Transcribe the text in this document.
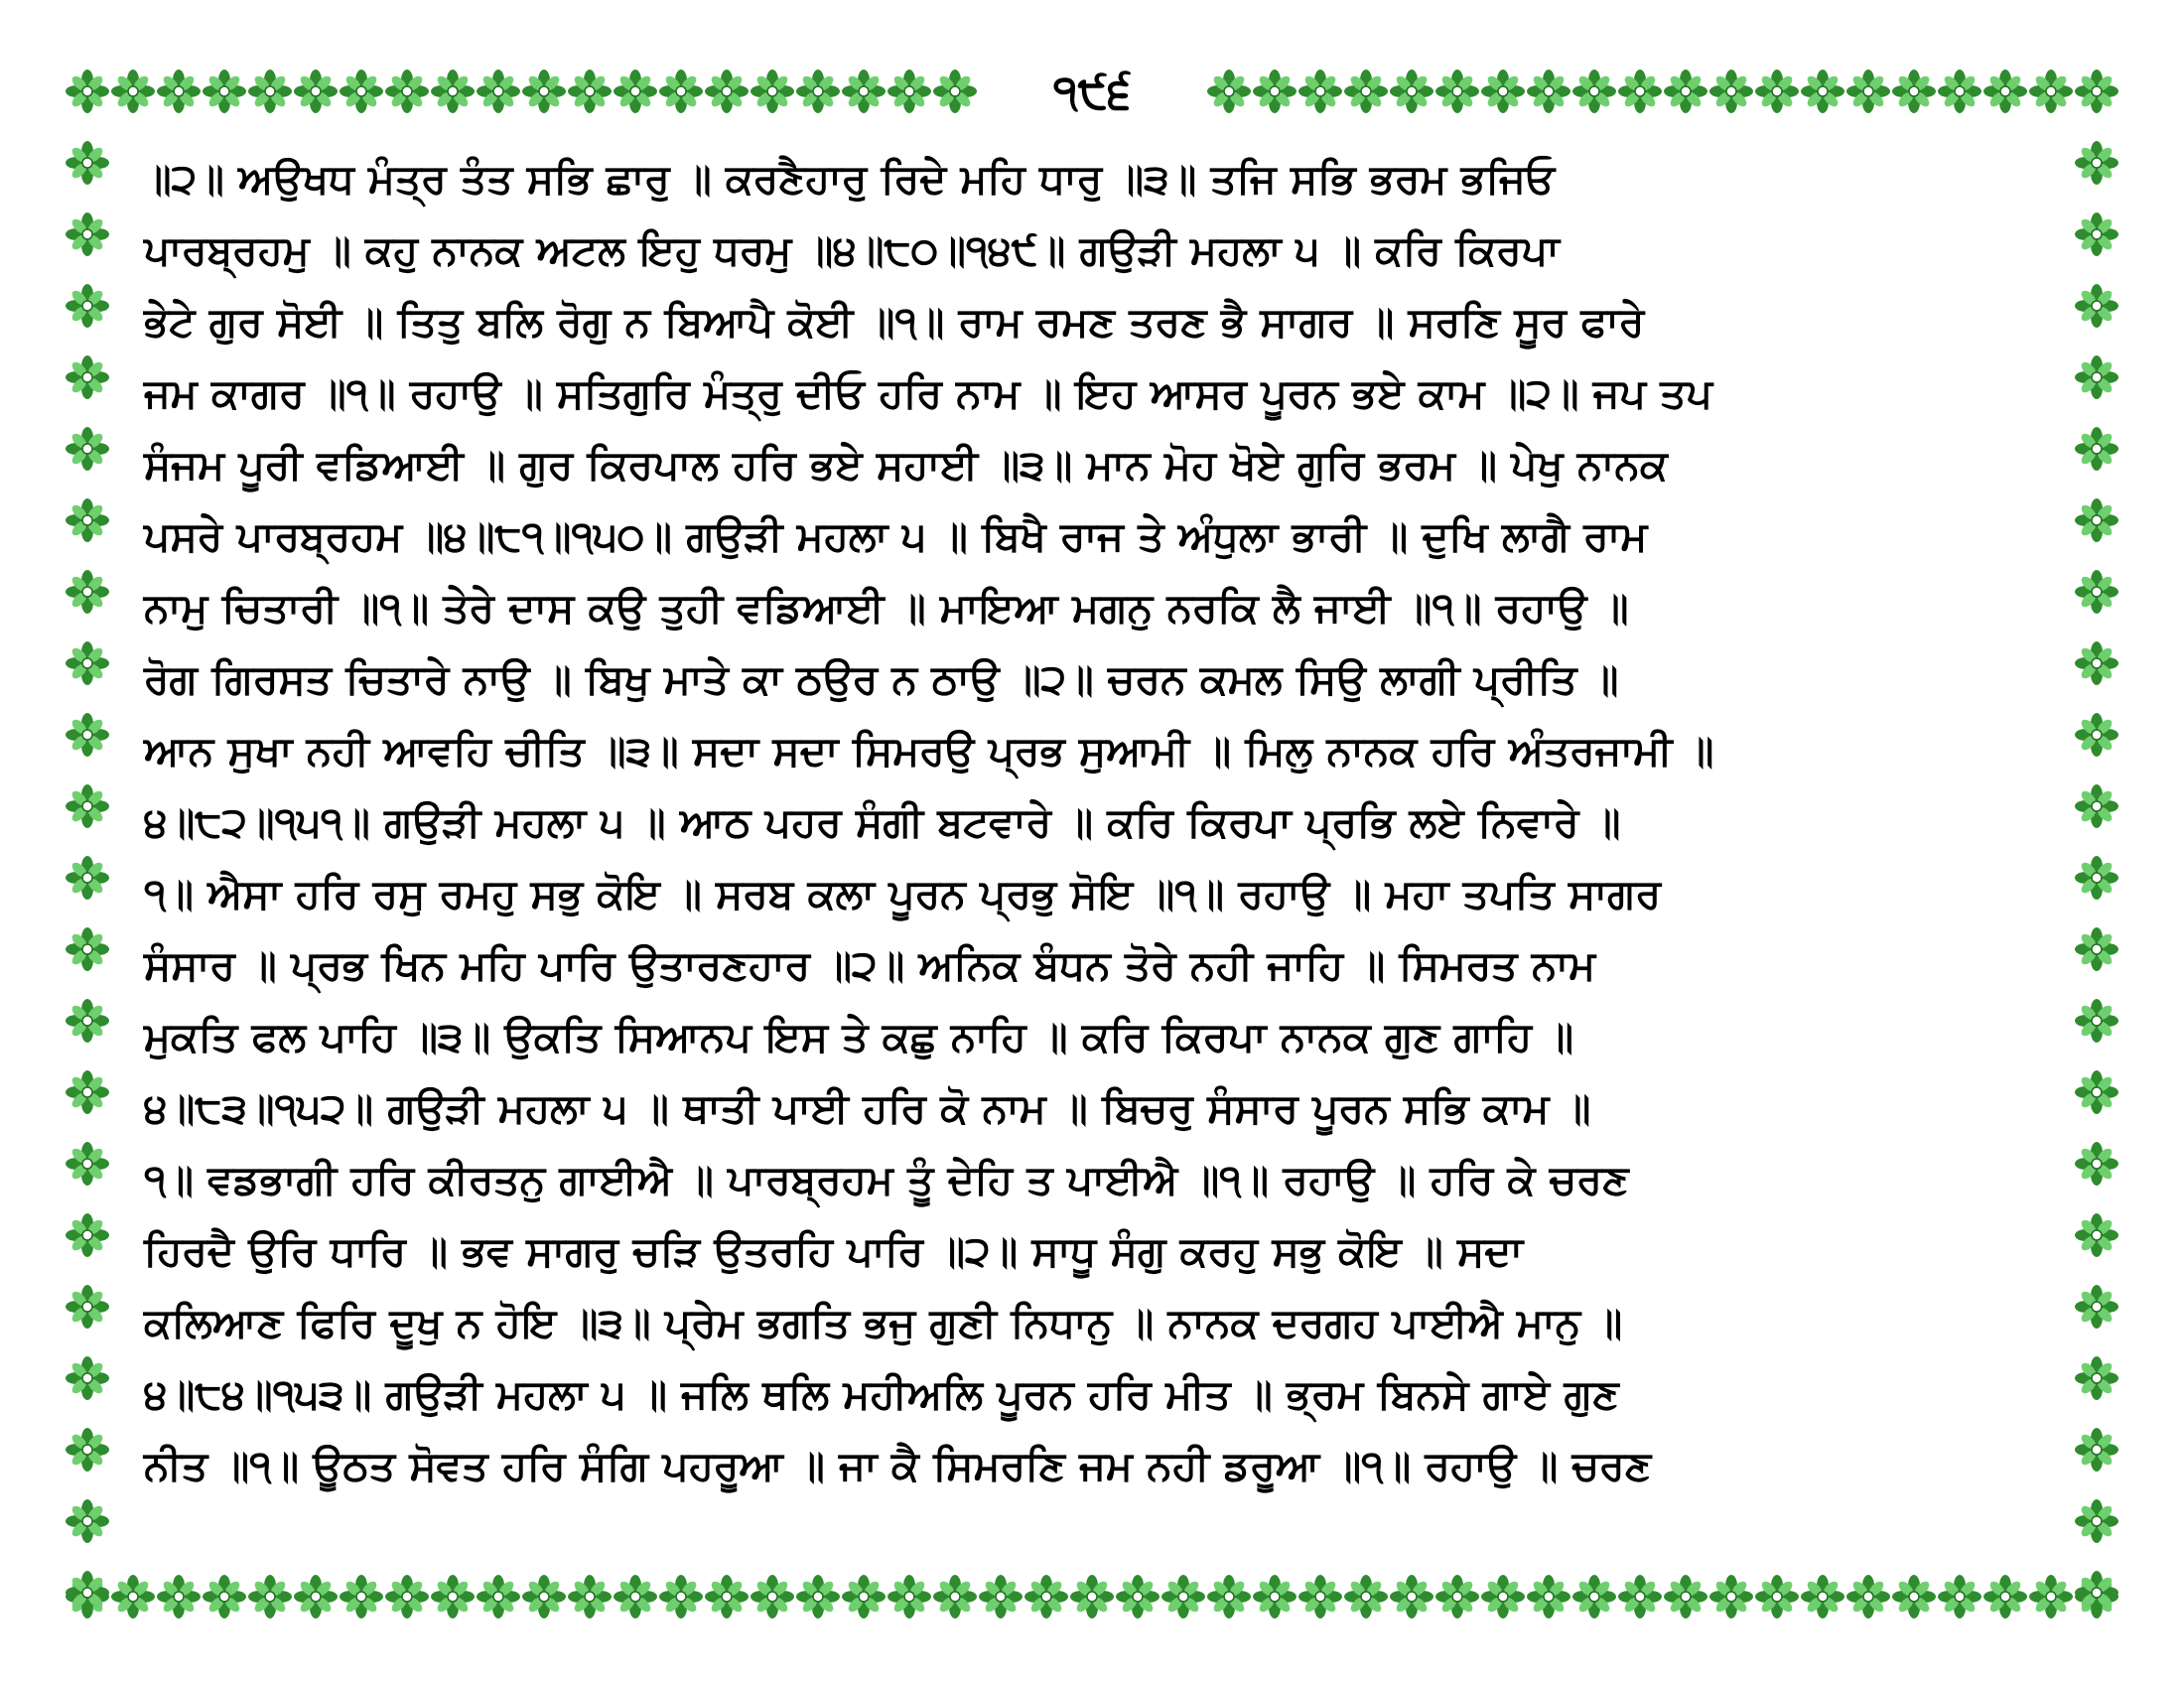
੧੯੬
॥੨॥ ਅਉਖਧ ਮੰਤ੍ਰ ਤੰਤ ਸਭਿ ਛਾਰੁ ॥ ਕਰਣੈਹਾਰੁ ਰਿਦੇ ਮਹਿ ਧਾਰੁ ॥੩॥ ਤਜਿ ਸਭਿ ਭਰਮ ਭਜਿਓ
ਪਾਰਬ੍ਰਹਮੁ ॥ ਕਹੁ ਨਾਨਕ ਅਟਲ ਇਹੁ ਧਰਮੁ ॥੪॥੮੦॥੧੪੯॥ ਗਉੜੀ ਮਹਲਾ ੫ ॥ ਕਰਿ ਕਿਰਪਾ
ਭੇਟੇ ਗੁਰ ਸੋਈ ॥ ਤਿਤੁ ਬਲਿ ਰੋਗੁ ਨ ਬਿਆਪੈ ਕੋਈ ॥੧॥ ਰਾਮ ਰਮਣ ਤਰਣ ਭੈ ਸਾਗਰ ॥ ਸਰਣਿ ਸੂਰ ਫਾਰੇ
ਜਮ ਕਾਗਰ ॥੧॥ ਰਹਾਉ ॥ ਸਤਿਗੁਰਿ ਮੰਤ੍ਰੁ ਦੀਓ ਹਰਿ ਨਾਮ ॥ ਇਹ ਆਸਰ ਪੂਰਨ ਭਏ ਕਾਮ ॥੨॥ ਜਪ ਤਪ
ਸੰਜਮ ਪੂਰੀ ਵਡਿਆਈ ॥ ਗੁਰ ਕਿਰਪਾਲ ਹਰਿ ਭਏ ਸਹਾਈ ॥੩॥ ਮਾਨ ਮੋਹ ਖੋਏ ਗੁਰਿ ਭਰਮ ॥ ਪੇਖੁ ਨਾਨਕ
ਪਸਰੇ ਪਾਰਬ੍ਰਹਮ ॥੪॥੮੧॥੧੫੦॥ ਗਉੜੀ ਮਹਲਾ ੫ ॥ ਬਿਖੈ ਰਾਜ ਤੇ ਅੰਧੁਲਾ ਭਾਰੀ ॥ ਦੁਖਿ ਲਾਗੈ ਰਾਮ
ਨਾਮੁ ਚਿਤਾਰੀ ॥੧॥ ਤੇਰੇ ਦਾਸ ਕਉ ਤੁਹੀ ਵਡਿਆਈ ॥ ਮਾਇਆ ਮਗਨੁ ਨਰਕਿ ਲੈ ਜਾਈ ॥੧॥ ਰਹਾਉ ॥
ਰੋਗ ਗਿਰਸਤ ਚਿਤਾਰੇ ਨਾਉ ॥ ਬਿਖੁ ਮਾਤੇ ਕਾ ਠਉਰ ਨ ਠਾਉ ॥੨॥ ਚਰਨ ਕਮਲ ਸਿਉ ਲਾਗੀ ਪ੍ਰੀਤਿ ॥
ਆਨ ਸੁਖਾ ਨਹੀ ਆਵਹਿ ਚੀਤਿ ॥੩॥ ਸਦਾ ਸਦਾ ਸਿਮਰਉ ਪ੍ਰਭ ਸੁਆਮੀ ॥ ਮਿਲੁ ਨਾਨਕ ਹਰਿ ਅੰਤਰਜਾਮੀ ॥
੪॥੮੨॥੧੫੧॥ ਗਉੜੀ ਮਹਲਾ ੫ ॥ ਆਠ ਪਹਰ ਸੰਗੀ ਬਟਵਾਰੇ ॥ ਕਰਿ ਕਿਰਪਾ ਪ੍ਰਭਿ ਲਏ ਨਿਵਾਰੇ ॥
੧॥ ਐਸਾ ਹਰਿ ਰਸੁ ਰਮਹੁ ਸਭੁ ਕੋਇ ॥ ਸਰਬ ਕਲਾ ਪੂਰਨ ਪ੍ਰਭੁ ਸੋਇ ॥੧॥ ਰਹਾਉ ॥ ਮਹਾ ਤਪਤਿ ਸਾਗਰ
ਸੰਸਾਰ ॥ ਪ੍ਰਭ ਖਿਨ ਮਹਿ ਪਾਰਿ ਉਤਾਰਣਹਾਰ ॥੨॥ ਅਨਿਕ ਬੰਧਨ ਤੋਰੇ ਨਹੀ ਜਾਹਿ ॥ ਸਿਮਰਤ ਨਾਮ
ਮੁਕਤਿ ਫਲ ਪਾਹਿ ॥੩॥ ਉਕਤਿ ਸਿਆਨਪ ਇਸ ਤੇ ਕਛੁ ਨਾਹਿ ॥ ਕਰਿ ਕਿਰਪਾ ਨਾਨਕ ਗੁਣ ਗਾਹਿ ॥
੪॥੮੩॥੧੫੨॥ ਗਉੜੀ ਮਹਲਾ ੫ ॥ ਥਾਤੀ ਪਾਈ ਹਰਿ ਕੋ ਨਾਮ ॥ ਬਿਚਰੁ ਸੰਸਾਰ ਪੂਰਨ ਸਭਿ ਕਾਮ ॥
੧॥ ਵਡਭਾਗੀ ਹਰਿ ਕੀਰਤਨੁ ਗਾਈਐ ॥ ਪਾਰਬ੍ਰਹਮ ਤੂੰ ਦੇਹਿ ਤ ਪਾਈਐ ॥੧॥ ਰਹਾਉ ॥ ਹਰਿ ਕੇ ਚਰਣ
ਹਿਰਦੈ ਉਰਿ ਧਾਰਿ ॥ ਭਵ ਸਾਗਰੁ ਚੜਿ ਉਤਰਹਿ ਪਾਰਿ ॥੨॥ ਸਾਧੂ ਸੰਗੁ ਕਰਹੁ ਸਭੁ ਕੋਇ ॥ ਸਦਾ
ਕਲਿਆਣ ਫਿਰਿ ਦੂਖੁ ਨ ਹੋਇ ॥੩॥ ਪ੍ਰੇਮ ਭਗਤਿ ਭਜੁ ਗੁਣੀ ਨਿਧਾਨੁ ॥ ਨਾਨਕ ਦਰਗਹ ਪਾਈਐ ਮਾਨੁ ॥
੪॥੮੪॥੧੫੩॥ ਗਉੜੀ ਮਹਲਾ ੫ ॥ ਜਲਿ ਥਲਿ ਮਹੀਅਲਿ ਪੂਰਨ ਹਰਿ ਮੀਤ ॥ ਭ੍ਰਮ ਬਿਨਸੇ ਗਾਏ ਗੁਣ
ਨੀਤ ॥੧॥ ਊਠਤ ਸੋਵਤ ਹਰਿ ਸੰਗਿ ਪਹਰੂਆ ॥ ਜਾ ਕੈ ਸਿਮਰਣਿ ਜਮ ਨਹੀ ਡਰੂਆ ॥੧॥ ਰਹਾਉ ॥ ਚਰਣ
